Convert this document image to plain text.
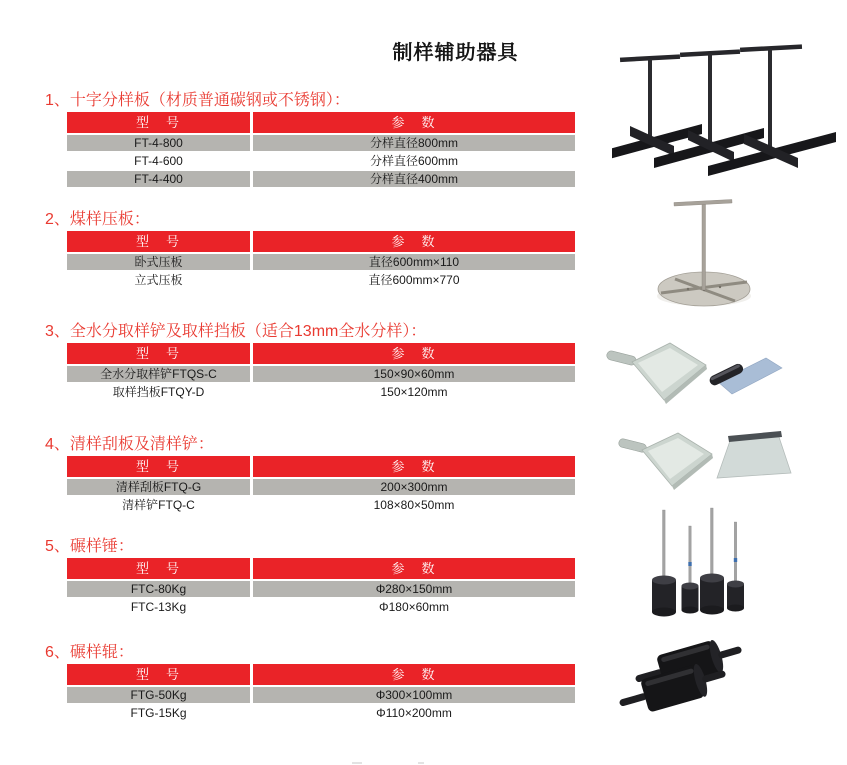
制样辅助器具
1、十字分样板（材质普通碳钢或不锈钢）：
型　号	参　数
FT-4-800	分样直径800mm
FT-4-600	分样直径600mm
FT-4-400	分样直径400mm
2、煤样压板：
型　号	参　数
卧式压板	直径600mm×110
立式压板	直径600mm×770
3、全水分取样铲及取样挡板（适合13mm全水分样）：
型　号	参　数
全水分取样铲FTQS-C	150×90×60mm
取样挡板FTQY-D	150×120mm
4、清样刮板及清样铲：
型　号	参　数
清样刮板FTQ-G	200×300mm
清样铲FTQ-C	108×80×50mm
5、碾样锤：
型　号	参　数
FTC-80Kg	Φ280×150mm
FTC-13Kg	Φ180×60mm
6、碾样辊：
型　号	参　数
FTG-50Kg	Φ300×100mm
FTG-15Kg	Φ110×200mm
